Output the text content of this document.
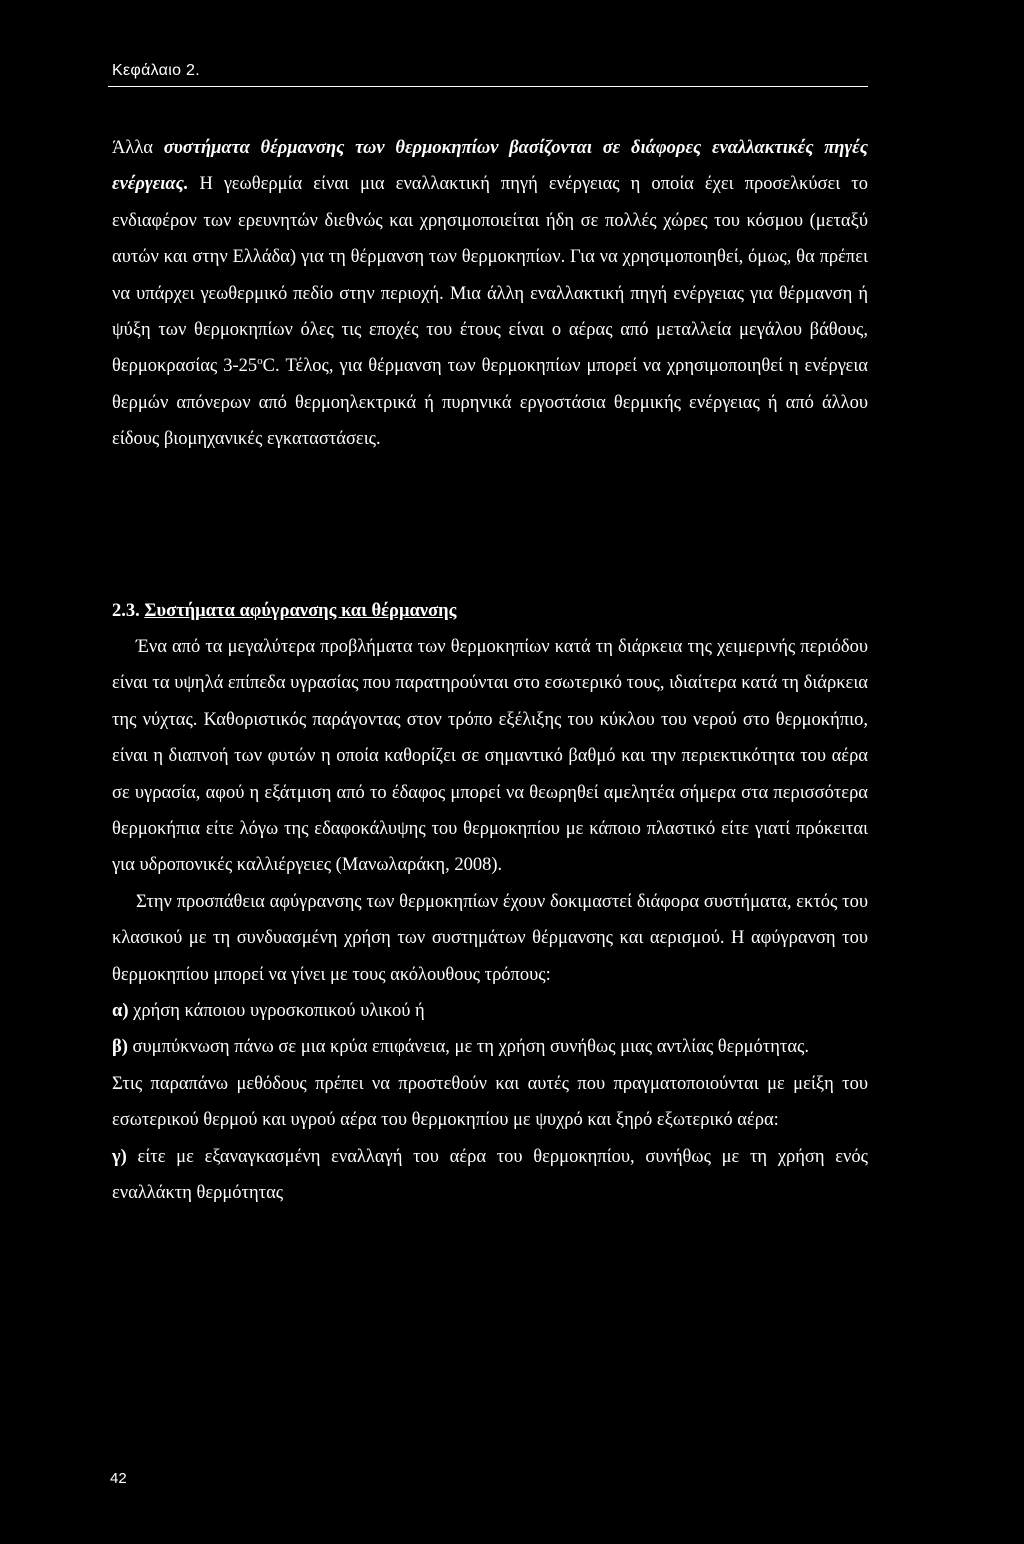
Κεφάλαιο 2.

Άλλα συστήματα θέρμανσης των θερμοκηπίων βασίζονται σε διάφορες εναλλακτικές πηγές ενέργειας. Η γεωθερμία είναι μια εναλλακτική πηγή ενέργειας η οποία έχει προσελκύσει το ενδιαφέρον των ερευνητών διεθνώς και χρησιμοποιείται ήδη σε πολλές χώρες του κόσμου (μεταξύ αυτών και στην Ελλάδα) για τη θέρμανση των θερμοκηπίων. Για να χρησιμοποιηθεί, όμως, θα πρέπει να υπάρχει γεωθερμικό πεδίο στην περιοχή. Μια άλλη εναλλακτική πηγή ενέργειας για θέρμανση ή ψύξη των θερμοκηπίων όλες τις εποχές του έτους είναι ο αέρας από μεταλλεία μεγάλου βάθους, θερμοκρασίας 3-25$^o$C. Τέλος, για θέρμανση των θερμοκηπίων μπορεί να χρησιμοποιηθεί η ενέργεια θερμών απόνερων από θερμοηλεκτρικά ή πυρηνικά εργοστάσια θερμικής ενέργειας ή από άλλου είδους βιομηχανικές εγκαταστάσεις.

2.3. Συστήματα αφύγρανσης και θέρμανσης

Ένα από τα μεγαλύτερα προβλήματα των θερμοκηπίων κατά τη διάρκεια της χειμερινής περιόδου είναι τα υψηλά επίπεδα υγρασίας που παρατηρούνται στο εσωτερικό τους, ιδιαίτερα κατά τη διάρκεια της νύχτας. Καθοριστικός παράγοντας στον τρόπο εξέλιξης του κύκλου του νερού στο θερμοκήπιο, είναι η διαπνοή των φυτών η οποία καθορίζει σε σημαντικό βαθμό και την περιεκτικότητα του αέρα σε υγρασία, αφού η εξάτμιση από το έδαφος μπορεί να θεωρηθεί αμελητέα σήμερα στα περισσότερα θερμοκήπια είτε λόγω της εδαφοκάλυψης του θερμοκηπίου με κάποιο πλαστικό είτε γιατί πρόκειται για υδροπονικές καλλιέργειες (Μανωλαράκη, 2008).

Στην προσπάθεια αφύγρανσης των θερμοκηπίων έχουν δοκιμαστεί διάφορα συστήματα, εκτός του κλασικού με τη συνδυασμένη χρήση των συστημάτων θέρμανσης και αερισμού. Η αφύγρανση του θερμοκηπίου μπορεί να γίνει με τους ακόλουθους τρόπους:

α) χρήση κάποιου υγροσκοπικού υλικού ή

β) συμπύκνωση πάνω σε μια κρύα επιφάνεια, με τη χρήση συνήθως μιας αντλίας θερμότητας.

Στις παραπάνω μεθόδους πρέπει να προστεθούν και αυτές που πραγματοποιούνται με μείξη του εσωτερικού θερμού και υγρού αέρα του θερμοκηπίου με ψυχρό και ξηρό εξωτερικό αέρα:

γ) είτε με εξαναγκασμένη εναλλαγή του αέρα του θερμοκηπίου, συνήθως με τη χρήση ενός εναλλάκτη θερμότητας

42
